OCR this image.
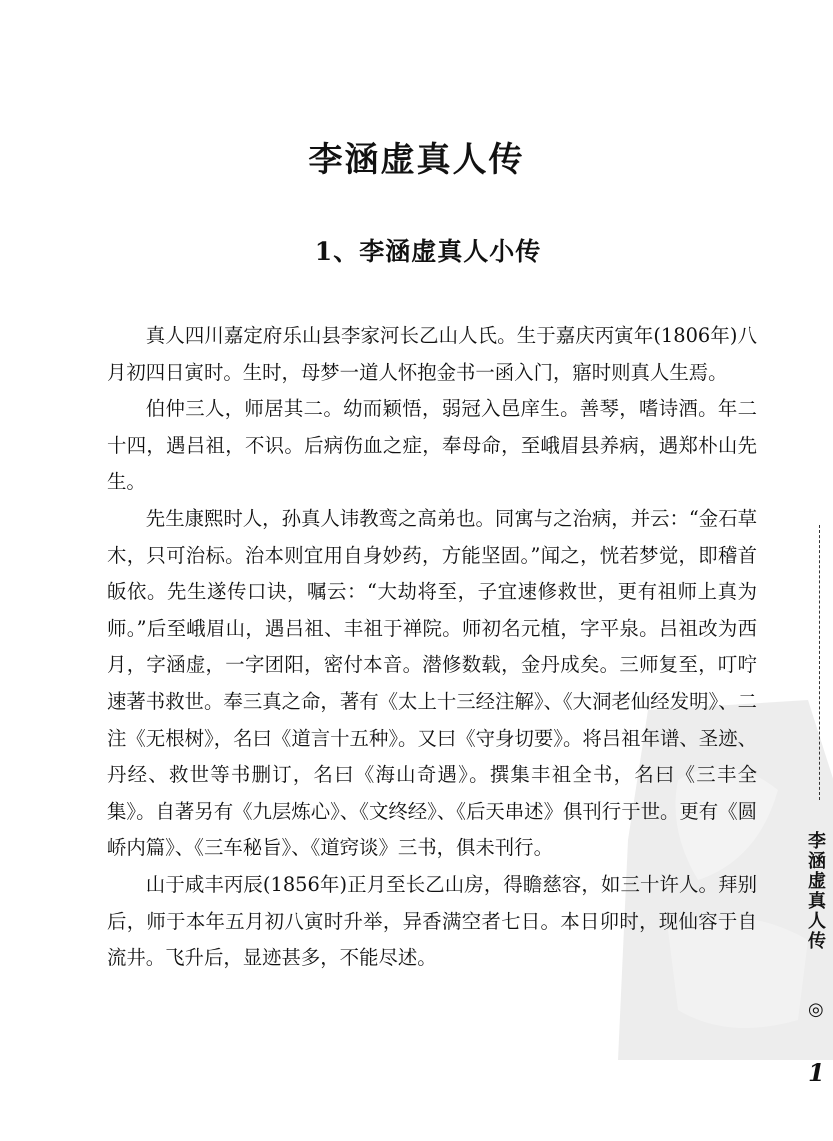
李涵虚真人传
1、李涵虚真人小传

真人四川嘉定府乐山县李家河长乙山人氏。生于嘉庆丙寅年(1806年)八月初四日寅时。生时，母梦一道人怀抱金书一函入门，寤时则真人生焉。

伯仲三人，师居其二。幼而颖悟，弱冠入邑庠生。善琴，嗜诗酒。年二十四，遇吕祖，不识。后病伤血之症，奉母命，至峨眉县养病，遇郑朴山先生。

先生康熙时人，孙真人讳教鸾之高弟也。同寓与之治病，并云：“金石草木，只可治标。治本则宜用自身妙药，方能坚固。”闻之，恍若梦觉，即稽首皈依。先生遂传口诀，嘱云：“大劫将至，子宜速修救世，更有祖师上真为师。”后至峨眉山，遇吕祖、丰祖于禅院。师初名元植，字平泉。吕祖改为西月，字涵虚，一字团阳，密付本音。潜修数载，金丹成矣。三师复至，叮咛速著书救世。奉三真之命，著有《太上十三经注解》、《大洞老仙经发明》、二注《无根树》，名曰《道言十五种》。又曰《守身切要》。将吕祖年谱、圣迹、丹经、救世等书删订，名曰《海山奇遇》。撰集丰祖全书，名曰《三丰全集》。自著另有《九层炼心》、《文终经》、《后天串述》俱刊行于世。更有《圆峤内篇》、《三车秘旨》、《道窍谈》三书，俱未刊行。

山于咸丰丙辰(1856年)正月至长乙山房，得瞻慈容，如三十许人。拜别后，师于本年五月初八寅时升举，异香满空者七日。本日卯时，现仙容于自流井。飞升后，显迹甚多，不能尽述。

李
涵
虚
真
人
传
◎
1
